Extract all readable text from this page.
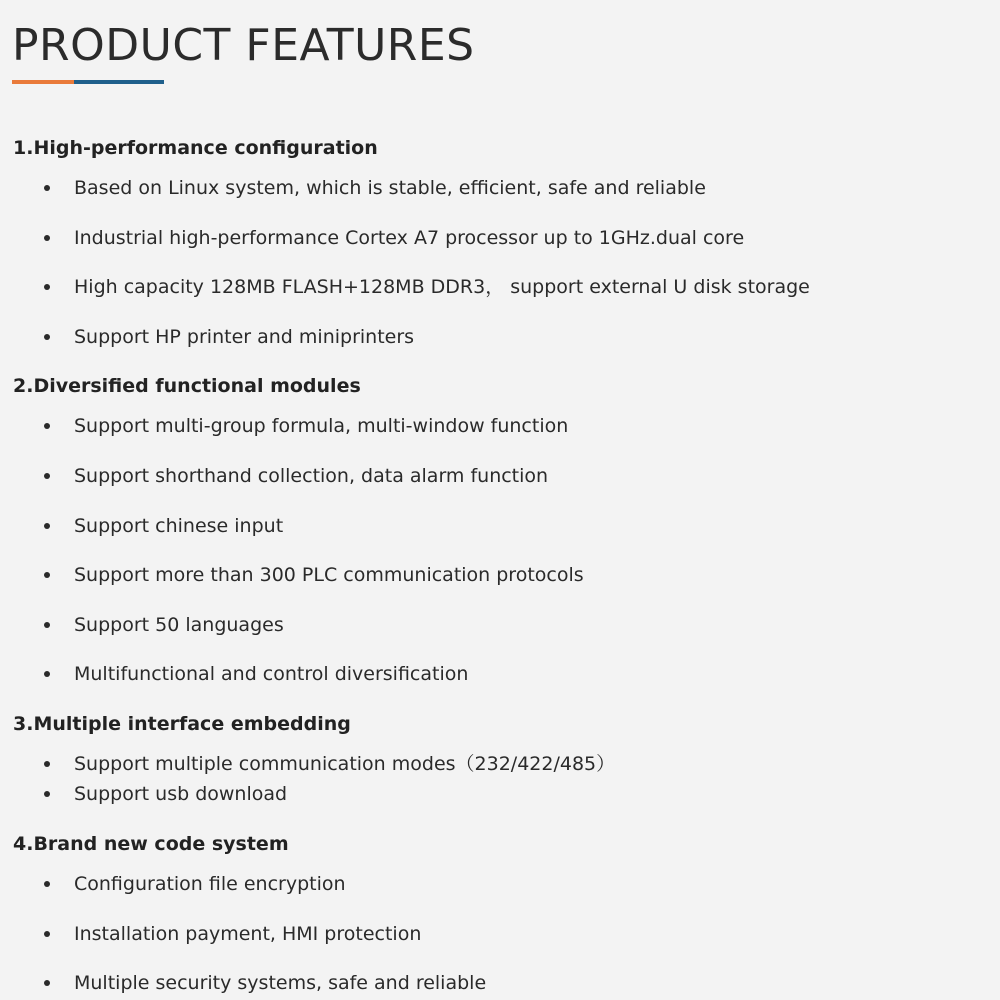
PRODUCT FEATURES
1.High-performance configuration
Based on Linux system, which is stable, efficient, safe and reliable
Industrial high-performance Cortex A7 processor up to 1GHz.dual core
High capacity 128MB FLASH+128MB DDR3， support external U disk storage
Support HP printer and miniprinters
2.Diversified functional modules
Support multi-group formula, multi-window function
Support shorthand collection, data alarm function
Support chinese input
Support more than 300 PLC communication protocols
Support 50 languages
Multifunctional and control diversification
3.Multiple interface embedding
Support multiple communication modes（232/422/485）
Support usb download
4.Brand new code system
Configuration file encryption
Installation payment, HMI protection
Multiple security systems, safe and reliable
